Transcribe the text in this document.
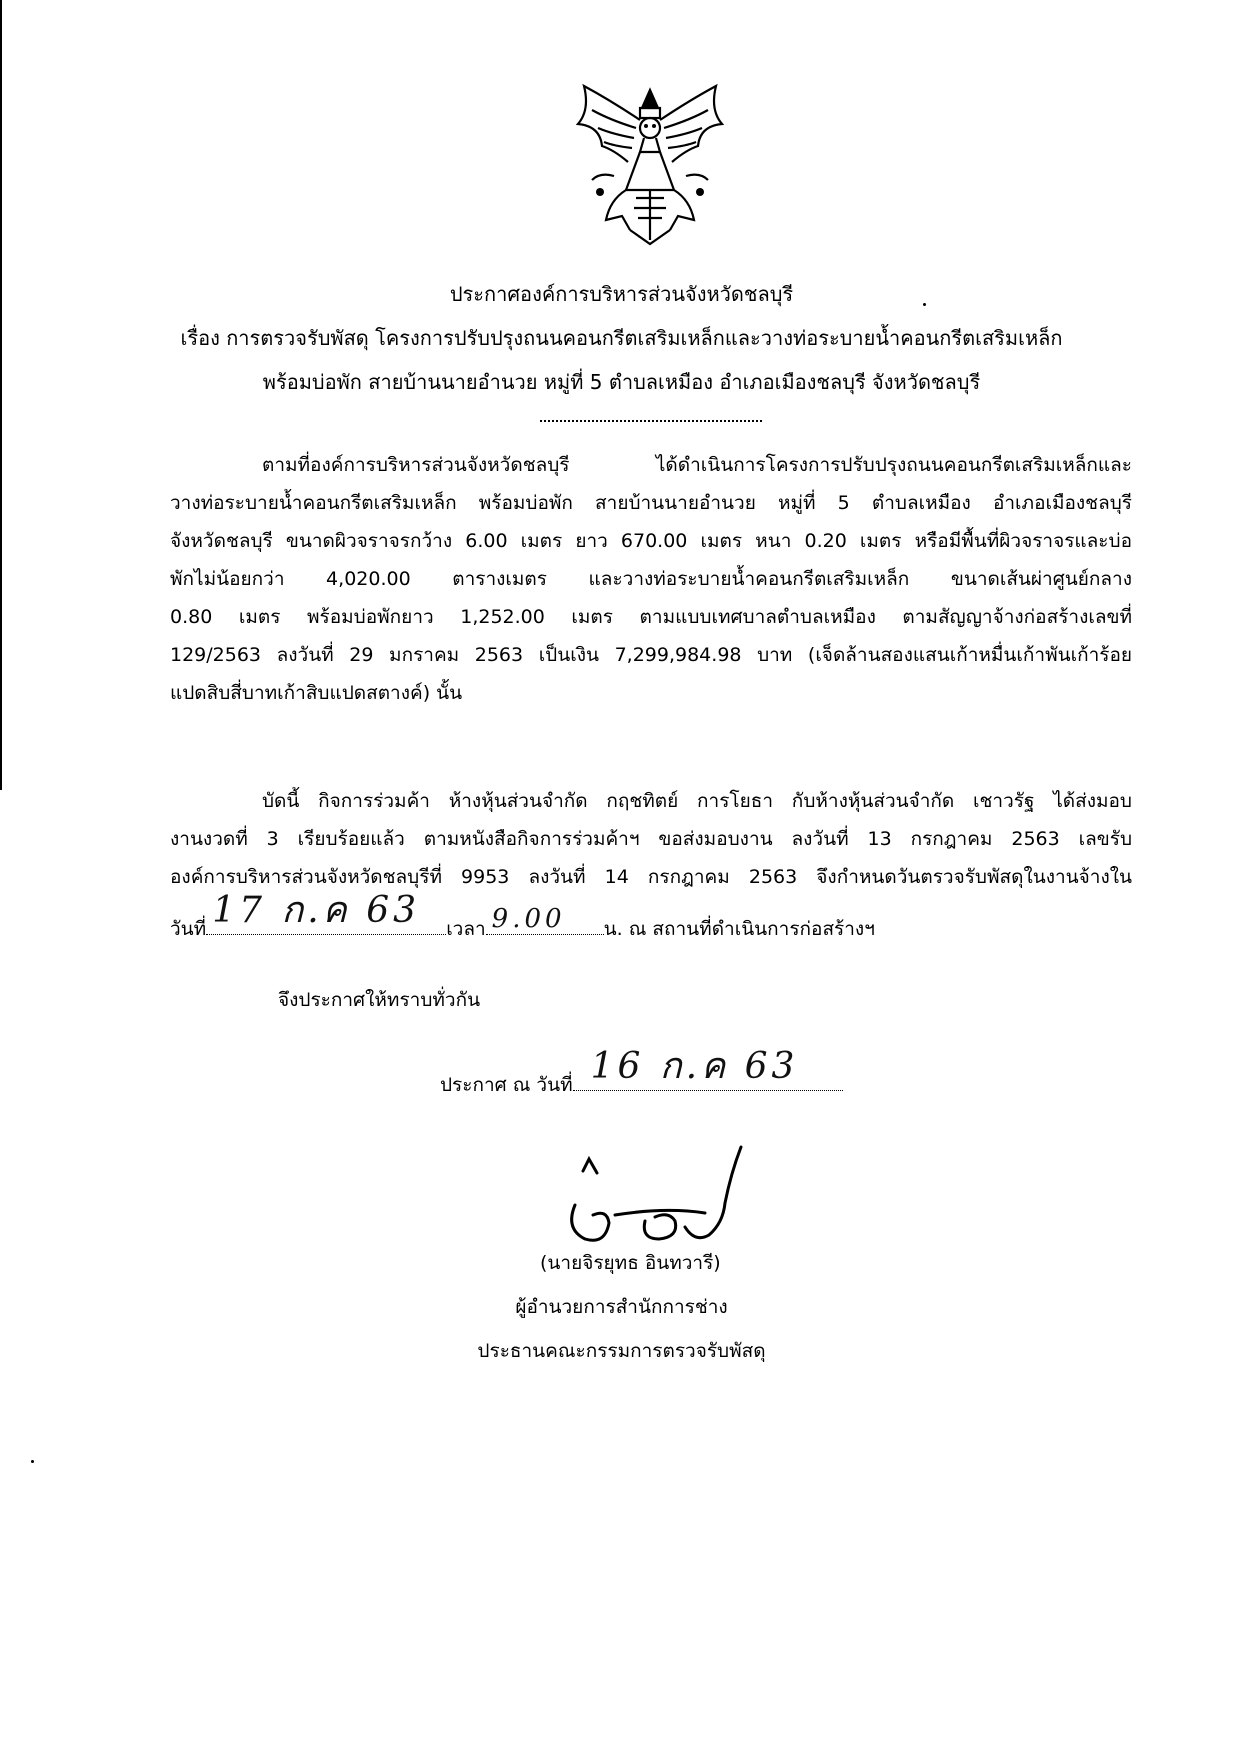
ประกาศองค์การบริหารส่วนจังหวัดชลบุรี
เรื่อง การตรวจรับพัสดุ โครงการปรับปรุงถนนคอนกรีตเสริมเหล็กและวางท่อระบายน้ำคอนกรีตเสริมเหล็ก
พร้อมบ่อพัก สายบ้านนายอำนวย หมู่ที่ 5 ตำบลเหมือง อำเภอเมืองชลบุรี จังหวัดชลบุรี
ตามที่องค์การบริหารส่วนจังหวัดชลบุรี ได้ดำเนินการโครงการปรับปรุงถนนคอนกรีตเสริมเหล็กและ
วางท่อระบายน้ำคอนกรีตเสริมเหล็ก พร้อมบ่อพัก สายบ้านนายอำนวย หมู่ที่ 5 ตำบลเหมือง อำเภอเมืองชลบุรี
จังหวัดชลบุรี ขนาดผิวจราจรกว้าง 6.00 เมตร ยาว 670.00 เมตร หนา 0.20 เมตร หรือมีพื้นที่ผิวจราจรและบ่อ
พักไม่น้อยกว่า 4,020.00 ตารางเมตร และวางท่อระบายน้ำคอนกรีตเสริมเหล็ก ขนาดเส้นผ่าศูนย์กลาง
0.80 เมตร พร้อมบ่อพักยาว 1,252.00 เมตร ตามแบบเทศบาลตำบลเหมือง ตามสัญญาจ้างก่อสร้างเลขที่
129/2563 ลงวันที่ 29 มกราคม 2563 เป็นเงิน 7,299,984.98 บาท (เจ็ดล้านสองแสนเก้าหมื่นเก้าพันเก้าร้อย
แปดสิบสี่บาทเก้าสิบแปดสตางค์) นั้น
บัดนี้ กิจการร่วมค้า ห้างหุ้นส่วนจำกัด กฤชทิตย์ การโยธา กับห้างหุ้นส่วนจำกัด เชาวรัฐ ได้ส่งมอบ
งานงวดที่ 3 เรียบร้อยแล้ว ตามหนังสือกิจการร่วมค้าฯ ขอส่งมอบงาน ลงวันที่ 13 กรกฎาคม 2563 เลขรับ
องค์การบริหารส่วนจังหวัดชลบุรีที่ 9953 ลงวันที่ 14 กรกฎาคม 2563 จึงกำหนดวันตรวจรับพัสดุในงานจ้างใน
วันที่ 17 ก.ค 63 เวลา 9.00 น. ณ สถานที่ดำเนินการก่อสร้างฯ
จึงประกาศให้ทราบทั่วกัน
ประกาศ ณ วันที่ 16 ก.ค 63
(นายจิรยุทธ อินทวารี)
ผู้อำนวยการสำนักการช่าง
ประธานคณะกรรมการตรวจรับพัสดุ
